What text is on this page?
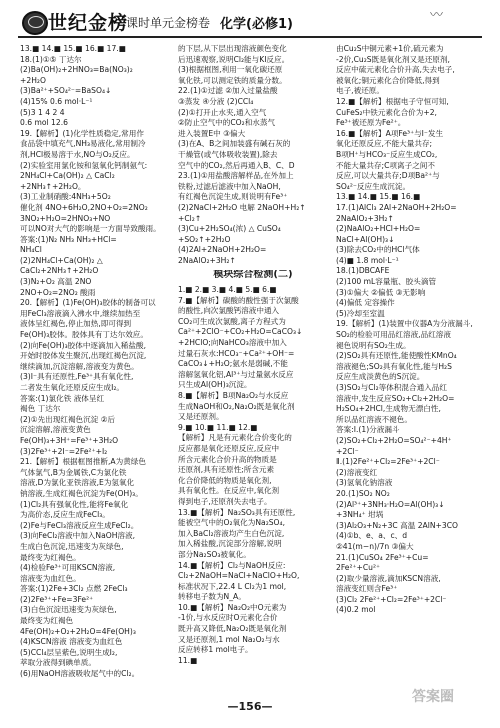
世纪金榜
课时单元金榜卷 化学(必修1)
〰

13.■ 14.■ 15.■ 16.■ 17.■

18.(1)①⑤ 丁达尔

(2)Ba(OH)₂+2HNO₃=Ba(NO₃)₂

+2H₂O

(3)Ba²⁺+SO₄²⁻=BaSO₄↓

(4)15% 0.6 mol·L⁻¹

(5)3 1 4 2 4

0.6 mol 12.6

19.【解析】(1)化学性质稳定,常用作

食品袋中填充气,NH₃易液化,常用制冷

剂,HCl极易溶于水,NO与O₂反应。

(2)实验室用氯化铵和氢氧化钙制氨气:

2NH₄Cl+Ca(OH)₂ △ CaCl₂

+2NH₃↑+2H₂O。

(3)工业制硝酸:4NH₃+5O₂

催化剂 4NO+6H₂O,2NO+O₂=2NO₂

3NO₂+H₂O=2HNO₃+NO

可以NO对大气的影响是一方面导致酸雨。

答案:(1)N₂ NH₃ NH₃+HCl=

NH₄Cl

(2)2NH₄Cl+Ca(OH)₂ △

CaCl₂+2NH₃↑+2H₂O

(3)N₂+O₂ 高温 2NO

2NO+O₂=2NO₂ 酸雨

20.【解析】(1)Fe(OH)₃胶体的制备可以

用FeCl₃溶液滴入沸水中,继续加热至

液体呈红褐色,停止加热,即可得到

Fe(OH)₃胶体。胶体具有丁达尔效应。

(2)向Fe(OH)₃胶体中逐滴加入稀盐酸,

开始时胶体发生聚沉,出现红褐色沉淀,

继续滴加,沉淀溶解,溶液变为黄色。

(3)I⁻具有还原性,Fe³⁺具有氧化性,

二者发生氧化还原反应生成I₂。

答案:(1)氯化铁 液体呈红

褐色 丁达尔

(2)①先出现红褐色沉淀 ②后

沉淀溶解,溶液变黄色

Fe(OH)₃+3H⁺=Fe³⁺+3H₂O

(3)2Fe³⁺+2I⁻=2Fe²⁺+I₂

21.【解析】根据框图推断,A为黄绿色

气体氯气,B为金属铁,C为氯化铁

溶液,D为氯化亚铁溶液,E为氢氧化

钠溶液,生成红褐色沉淀为Fe(OH)₃。

(1)Cl₂具有强氧化性,能将Fe氧化

为高价态,反应生成FeCl₃。

(2)Fe与FeCl₃溶液反应生成FeCl₂。

(3)向FeCl₂溶液中加入NaOH溶液,

生成白色沉淀,迅速变为灰绿色,

最终变为红褐色。

(4)检验Fe³⁺可用KSCN溶液,

溶液变为血红色。

答案:(1)2Fe+3Cl₂ 点燃 2FeCl₃

(2)2Fe³⁺+Fe=3Fe²⁺

(3)白色沉淀迅速变为灰绿色,

最终变为红褐色

4Fe(OH)₂+O₂+2H₂O=4Fe(OH)₃

(4)KSCN溶液 溶液变为血红色

(5)CCl₄层呈紫色,说明生成I₂,

萃取分液得到碘单质。

(6)用NaOH溶液吸收尾气中的Cl₂。

的下层,从下层出现溶液颜色变化

后迅速观察,说明Cl₂能与KI反应。

(3)根据框图,利用一氧化碳还原

氧化铁,可以测定铁的质量分数。

22.(1)①过滤 ②加入过量盐酸

③蒸发 ④分液 (2)CCl₄

(2)①打开止水夹,通入空气

②防止空气中的CO₂和水蒸气

进入装置E中 ③偏大

(3)在A、B之间加装盛有碱石灰的

干燥管(或气体吸收装置),除去

空气中的CO₂,然后再通入B、C、D

23.(1)①用盐酸溶解样品,在外加上

铁粉,过滤后滤液中加入NaOH,

有红褐色沉淀生成,则说明有Fe³⁺

(2)2NaCl+2H₂O 电解 2NaOH+H₂↑

+Cl₂↑

(3)Cu+2H₂SO₄(浓) △ CuSO₄

+SO₂↑+2H₂O

(4)2Al+2NaOH+2H₂O=

2NaAlO₂+3H₂↑

模块综合检测(二)

1.■ 2.■ 3.■ 4.■ 5.■ 6.■

7.■【解析】碳酸的酸性强于次氯酸

的酸性,向次氯酸钙溶液中通入

CO₂可生成次氯酸,离子方程式为

Ca²⁺+2ClO⁻+CO₂+H₂O=CaCO₃↓

+2HClO;向NaHCO₃溶液中加入

过量石灰水:HCO₃⁻+Ca²⁺+OH⁻=

CaCO₃↓+H₂O;氨水是弱碱,不能

溶解氢氧化铝,Al³⁺与过量氨水反应

只生成Al(OH)₃沉淀。

8.■【解析】B项Na₂O₂与水反应

生成NaOH和O₂,Na₂O₂既是氧化剂

又是还原剂。

9.■ 10.■ 11.■ 12.■

【解析】凡是有元素化合价变化的

反应都是氧化还原反应,反应中

所含元素化合价升高的物质是

还原剂,具有还原性;所含元素

化合价降低的物质是氧化剂,

具有氧化性。在反应中,氧化剂

得到电子,还原剂失去电子。

13.■【解析】Na₂SO₃具有还原性,

能被空气中的O₂氧化为Na₂SO₄,

加入BaCl₂溶液均产生白色沉淀,

加入稀盐酸,沉淀部分溶解,说明

部分Na₂SO₃被氧化。

14.■【解析】Cl₂与NaOH反应:

Cl₂+2NaOH=NaCl+NaClO+H₂O,

标准状况下,22.4 L Cl₂为1 mol,

转移电子数为N_A。

10.■【解析】Na₂O₂中O元素为

-1价,与水反应时O元素化合价

既升高又降低,Na₂O₂既是氧化剂

又是还原剂,1 mol Na₂O₂与水

反应转移1 mol电子。

11.■

由Cu₂S中铜元素+1价,硫元素为

-2价,Cu₂S既是氧化剂又是还原剂,

反应中硫元素化合价升高,失去电子,

被氧化;铜元素化合价降低,得到

电子,被还原。

12.■【解析】根据电子守恒可知,

CuFeS₂中铁元素化合价为+2,

Fe³⁺被还原为Fe²⁺。

16.■【解析】A项Fe³⁺与I⁻发生

氧化还原反应,不能大量共存;

B项H⁺与HCO₃⁻反应生成CO₂,

不能大量共存;C项离子之间不

反应,可以大量共存;D项Ba²⁺与

SO₄²⁻反应生成沉淀。

13.■ 14.■ 15.■ 16.■

17.(1)AlCl₃ 2Al+2NaOH+2H₂O=

2NaAlO₂+3H₂↑

(2)NaAlO₂+HCl+H₂O=

NaCl+Al(OH)₃↓

(3)除去CO₂中的HCl气体

(4)■ 1.8 mol·L⁻¹

18.(1)DBCAFE

(2)100 mL容量瓶、胶头滴管

(3)①偏大 ②偏低 ③无影响

(4)偏低 定容操作

(5)冷却至室温

19.【解析】(1)装置中仪器A为分液漏斗,

SO₂的检验可用品红溶液,品红溶液

褪色说明有SO₂生成。

(2)SO₂具有还原性,能使酸性KMnO₄

溶液褪色;SO₂具有氧化性,能与H₂S

反应生成淡黄色的S沉淀。

(3)SO₂与Cl₂等体积混合通入品红

溶液中,发生反应SO₂+Cl₂+2H₂O=

H₂SO₄+2HCl,生成物无漂白性,

所以品红溶液不褪色。

答案:Ⅰ.(1)分液漏斗

(2)SO₂+Cl₂+2H₂O=SO₄²⁻+4H⁺

+2Cl⁻

Ⅱ.(1)2Fe²⁺+Cl₂=2Fe³⁺+2Cl⁻

(2)溶液变红

(3)氢氧化钠溶液

20.(1)SO₂ NO₂

(2)Al³⁺+3NH₃·H₂O=Al(OH)₃↓

+3NH₄⁺ 坩埚

(3)Al₂O₃+N₂+3C 高温 2AlN+3CO

(4)①b、e、a、c、d

②41(m−n)/7n ③偏大

21.(1)CuSO₄ 2Fe³⁺+Cu=

2Fe²⁺+Cu²⁺

(2)取少量溶液,滴加KSCN溶液,

溶液变红则含Fe³⁺

(3)Cl₂ 2Fe²⁺+Cl₂=2Fe³⁺+2Cl⁻

(4)0.2 mol

—156—
答案圈
